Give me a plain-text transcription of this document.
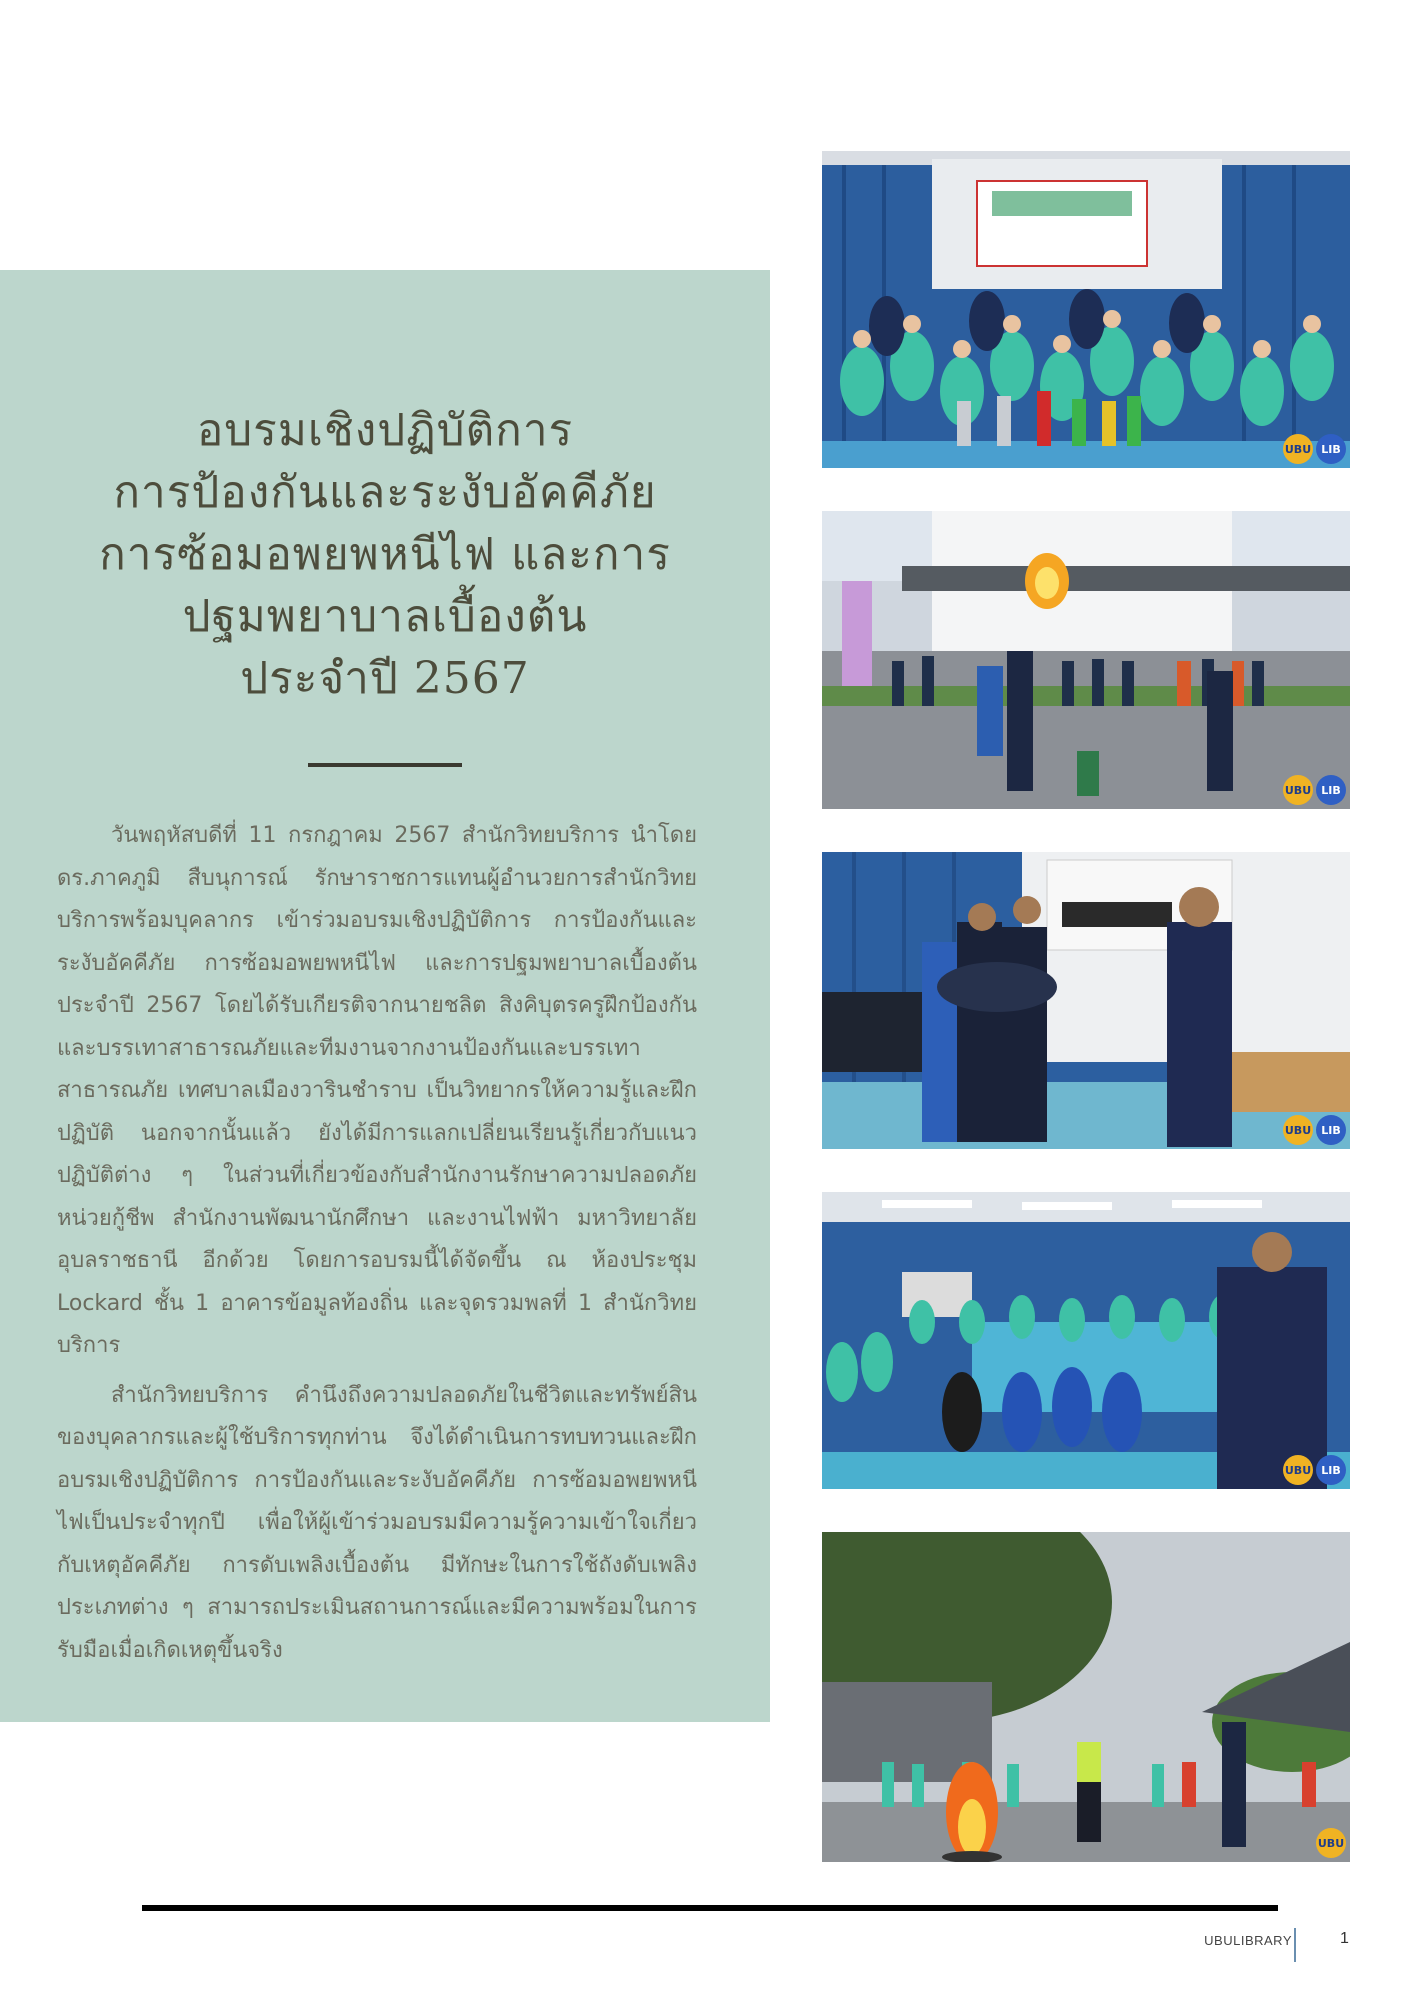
อบรมเชิงปฏิบัติการ
การป้องกันและระงับอัคคีภัย
การซ้อมอพยพหนีไฟ และการ
ปฐมพยาบาลเบื้องต้น
ประจำปี 2567

วันพฤหัสบดีที่ 11 กรกฎาคม 2567 สำนักวิทยบริการ นำโดย ดร.ภาคภูมิ สืบนุการณ์ รักษาราชการแทนผู้อำนวยการสำนักวิทยบริการพร้อมบุคลากร เข้าร่วมอบรมเชิงปฏิบัติการ การป้องกันและระงับอัคคีภัย การซ้อมอพยพหนีไฟ และการปฐมพยาบาลเบื้องต้น ประจำปี 2567 โดยได้รับเกียรติจากนายชลิต สิงคิบุตรครูฝึกป้องกันและบรรเทาสาธารณภัยและทีมงานจากงานป้องกันและบรรเทาสาธารณภัย เทศบาลเมืองวารินชำราบ เป็นวิทยากรให้ความรู้และฝึกปฏิบัติ นอกจากนั้นแล้ว ยังได้มีการแลกเปลี่ยนเรียนรู้เกี่ยวกับแนวปฏิบัติต่าง ๆ ในส่วนที่เกี่ยวข้องกับสำนักงานรักษาความปลอดภัย หน่วยกู้ชีพ สำนักงานพัฒนานักศึกษา และงานไฟฟ้า มหาวิทยาลัยอุบลราชธานี อีกด้วย โดยการอบรมนี้ได้จัดขึ้น ณ ห้องประชุม Lockard ชั้น 1 อาคารข้อมูลท้องถิ่น และจุดรวมพลที่ 1 สำนักวิทยบริการ

สำนักวิทยบริการ คำนึงถึงความปลอดภัยในชีวิตและทรัพย์สินของบุคลากรและผู้ใช้บริการทุกท่าน จึงได้ดำเนินการทบทวนและฝึกอบรมเชิงปฏิบัติการ การป้องกันและระงับอัคคีภัย การซ้อมอพยพหนีไฟเป็นประจำทุกปี เพื่อให้ผู้เข้าร่วมอบรมมีความรู้ความเข้าใจเกี่ยวกับเหตุอัคคีภัย การดับเพลิงเบื้องต้น มีทักษะในการใช้ถังดับเพลิงประเภทต่าง ๆ สามารถประเมินสถานการณ์และมีความพร้อมในการรับมือเมื่อเกิดเหตุขึ้นจริง

UBU LIB
UBU LIB
UBU LIB
UBU LIB
UBU
UBULIBRARY	1
